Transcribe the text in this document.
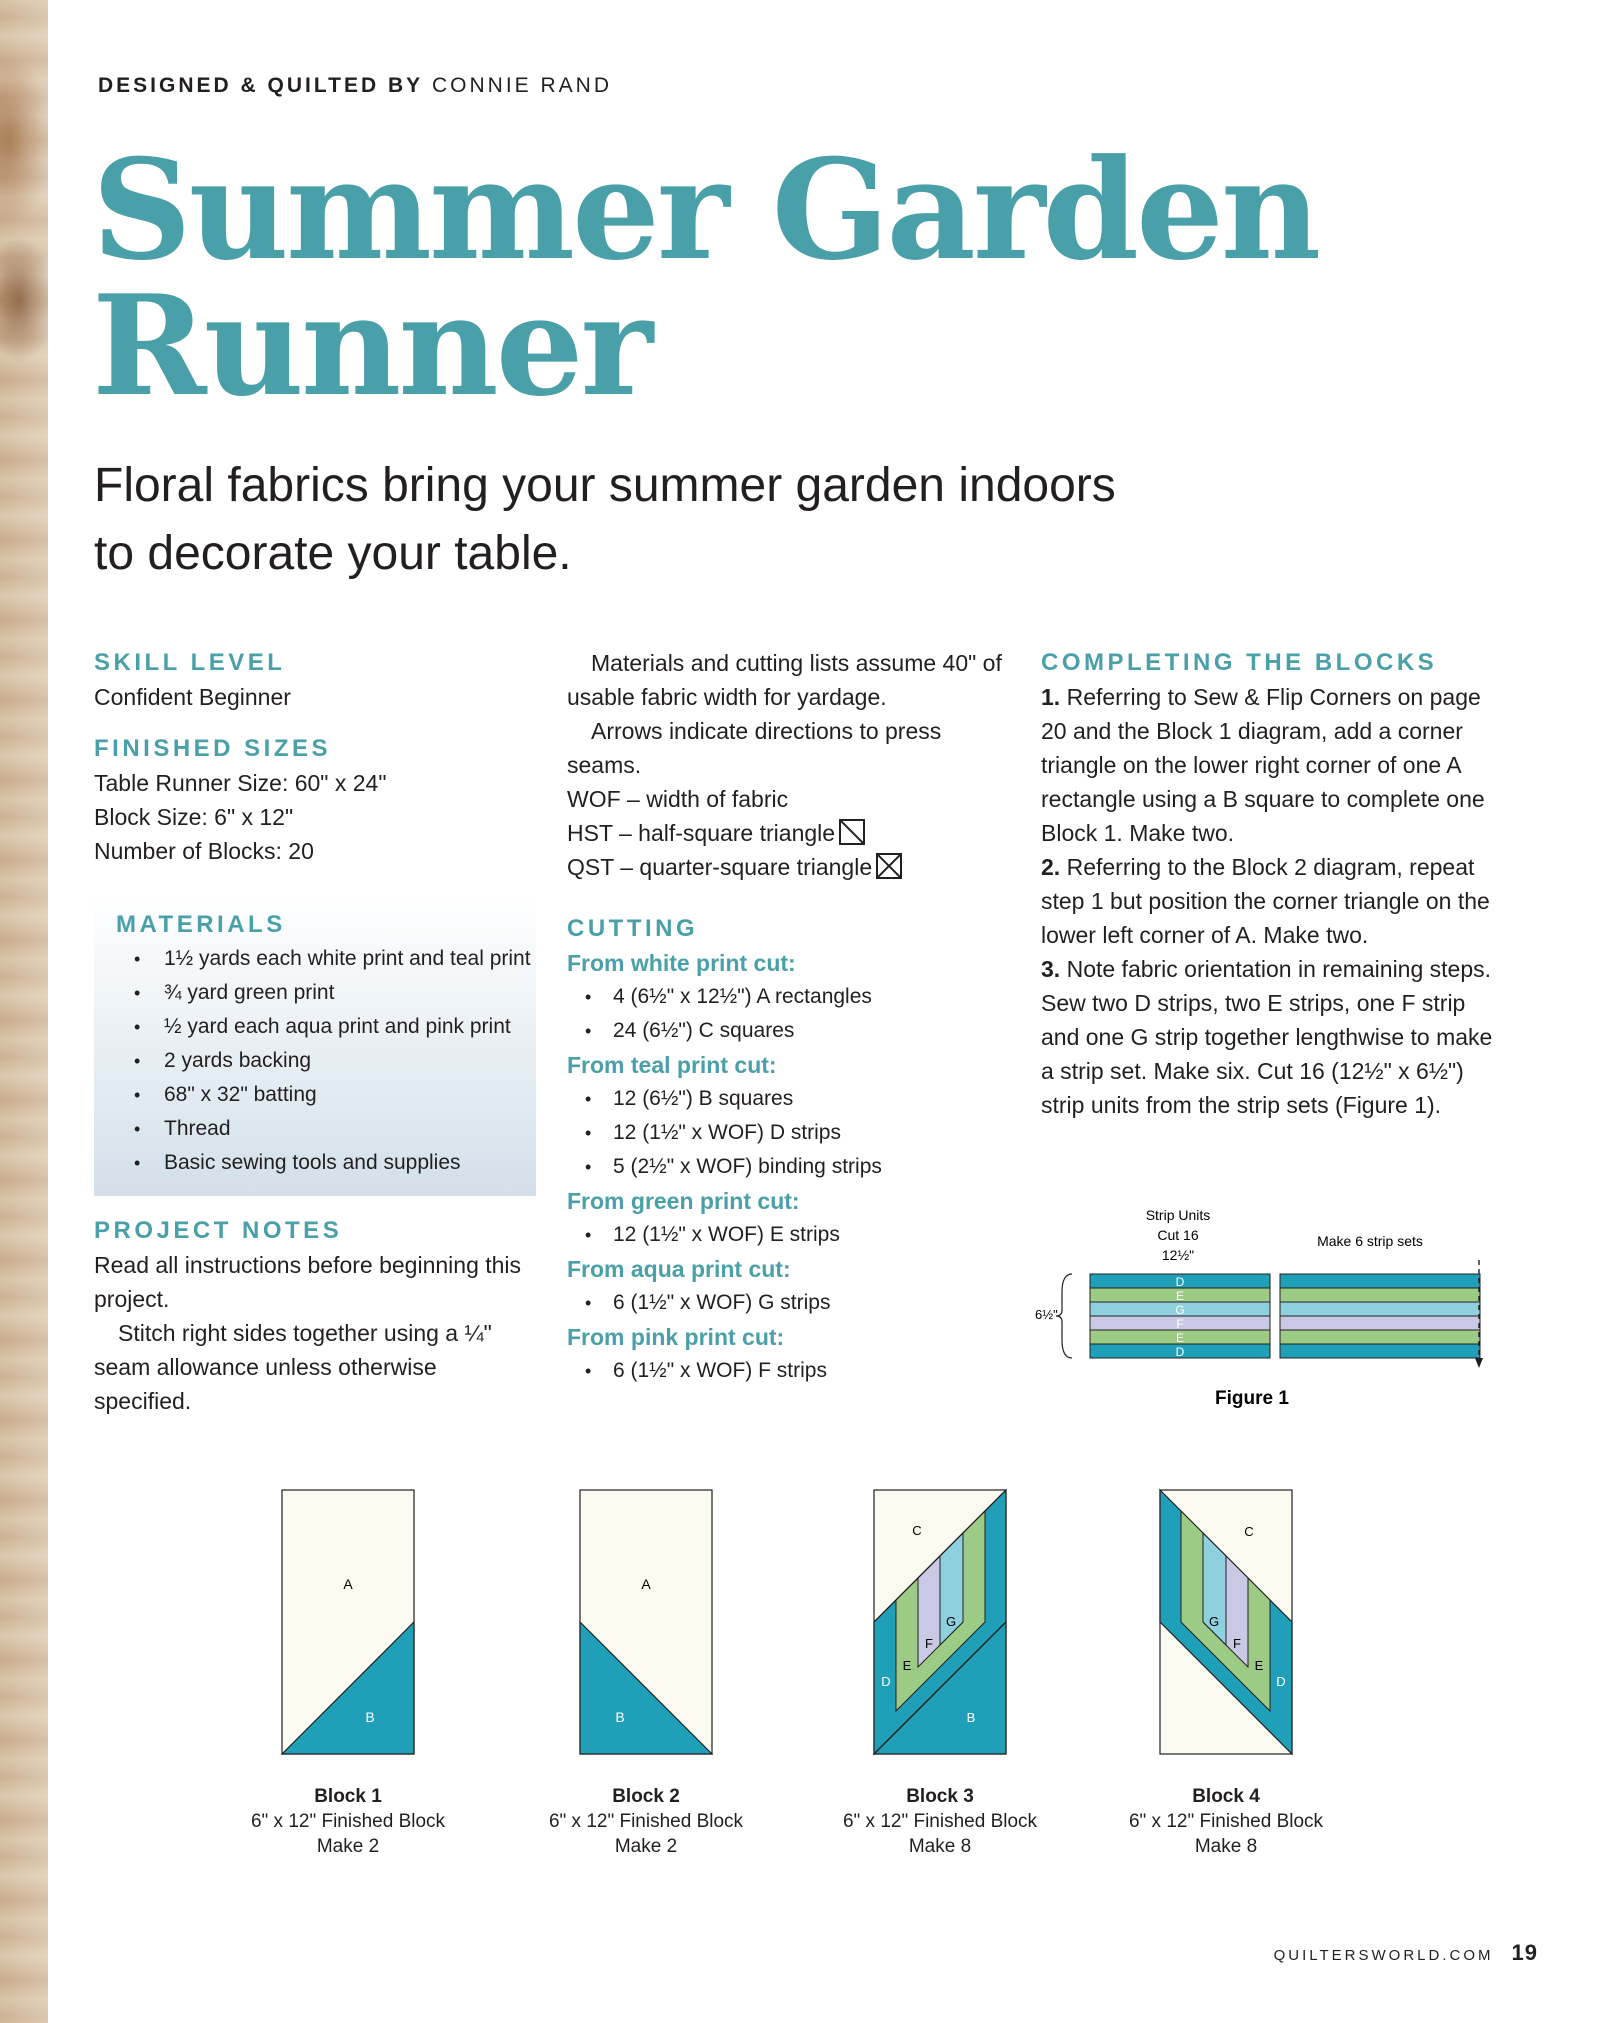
DESIGNED & QUILTED BY CONNIE RAND
Summer Garden
Runner
Floral fabrics bring your summer garden indoors
to decorate your table.
SKILL LEVEL

Confident Beginner

FINISHED SIZES

Table Runner Size: 60" x 24"

Block Size: 6" x 12"

Number of Blocks: 20

MATERIALS
• 1½ yards each white print and teal print
• ¾ yard green print
• ½ yard each aqua print and pink print
• 2 yards backing
• 68" x 32" batting
• Thread
• Basic sewing tools and supplies
PROJECT NOTES

Read all instructions before beginning this project.

Stitch right sides together using a ¼" seam allowance unless otherwise specified.

Materials and cutting lists assume 40" of usable fabric width for yardage.

Arrows indicate directions to press seams.

WOF – width of fabric

HST – half-square triangle

QST – quarter-square triangle

CUTTING
From white print cut:
• 4 (6½" x 12½") A rectangles
• 24 (6½") C squares
From teal print cut:
• 12 (6½") B squares
• 12 (1½" x WOF) D strips
• 5 (2½" x WOF) binding strips
From green print cut:
• 12 (1½" x WOF) E strips
From aqua print cut:
• 6 (1½" x WOF) G strips
From pink print cut:
• 6 (1½" x WOF) F strips
COMPLETING THE BLOCKS

1. Referring to Sew & Flip Corners on page 20 and the Block 1 diagram, add a corner triangle on the lower right corner of one A rectangle using a B square to complete one Block 1. Make two.

2. Referring to the Block 2 diagram, repeat step 1 but position the corner triangle on the lower left corner of A. Make two.

3. Note fabric orientation in remaining steps. Sew two D strips, two E strips, one F strip and one G strip together lengthwise to make a strip set. Make six. Cut 16 (12½" x 6½") strip units from the strip sets (Figure 1).

Strip Units
Cut 16
12½"
Make 6 strip sets
6½"
D
E
G
F
E
D
Figure 1
A
B
A
B
C
D
E
F
G
B
C
G
F
E
D
Block 1
6" x 12" Finished Block
Make 2
Block 2
6" x 12" Finished Block
Make 2
Block 3
6" x 12" Finished Block
Make 8
Block 4
6" x 12" Finished Block
Make 8
QUILTERSWORLD.COM 19
